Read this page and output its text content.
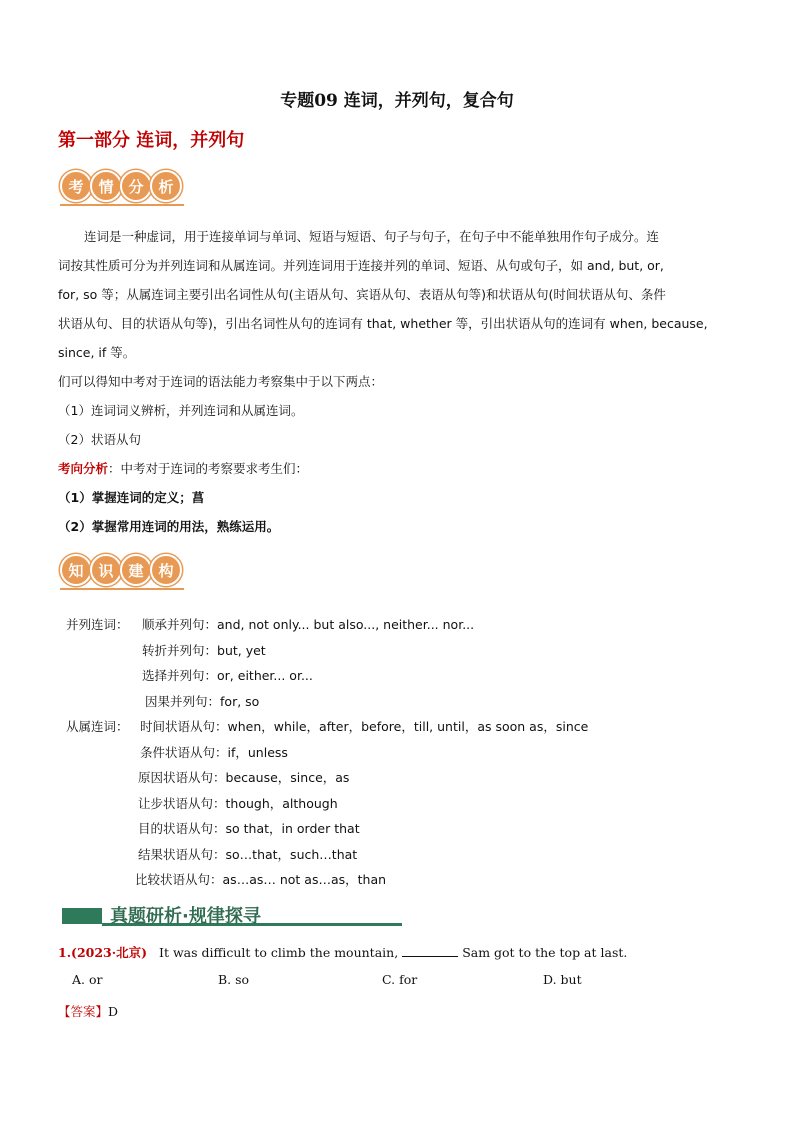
专题09 连词，并列句，复合句
第一部分 连词，并列句
考 情 分 析
连词是一种虚词，用于连接单词与单词、短语与短语、句子与句子，在句子中不能单独用作句子成分。连
词按其性质可分为并列连词和从属连词。并列连词用于连接并列的单词、短语、从句或句子，如 and, but, or,
for, so 等；从属连词主要引出名词性从句(主语从句、宾语从句、表语从句等)和状语从句(时间状语从句、条件
状语从句、目的状语从句等)，引出名词性从句的连词有 that, whether 等，引出状语从句的连词有 when, because,
since, if 等。
们可以得知中考对于连词的语法能力考察集中于以下两点：
（1）连词词义辨析，并列连词和从属连词。
（2）状语从句
考向分析：中考对于连词的考察要求考生们：
（1）掌握连词的定义；菖
（2）掌握常用连词的用法，熟练运用。
知 识 建 构
并列连词： 顺承并列句：and, not only... but also..., neither... nor...
转折并列句：but, yet
选择并列句：or, either... or...
因果并列句：for, so
从属连词： 时间状语从句：when，while，after，before，till, until，as soon as，since
条件状语从句：if，unless
原因状语从句：because，since，as
让步状语从句：though，although
目的状语从句：so that，in order that
结果状语从句：so…that，such…that
比较状语从句：as…as… not as…as，than
真题研析·规律探寻
1.(2023·北京) It was difficult to climb the mountain,	Sam got to the top at last.
A. or	B. so	C. for	D. but
【答案】D
